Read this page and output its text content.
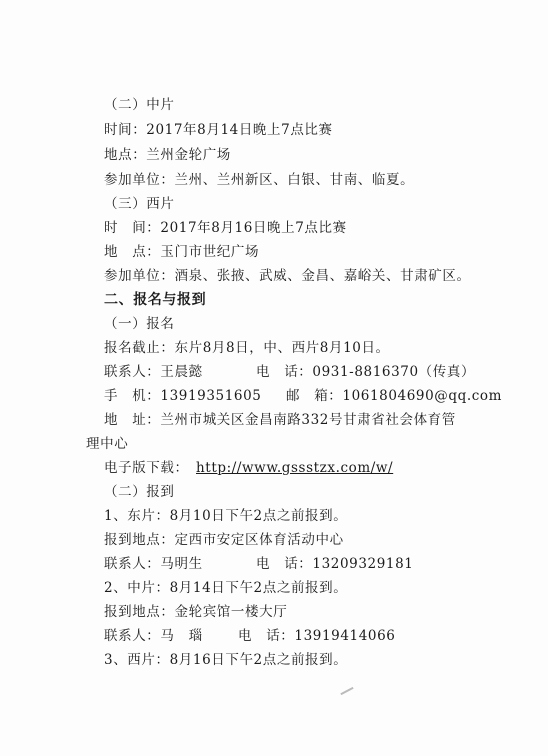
（二）中片
时间：2017年8月14日晚上7点比赛
地点：兰州金轮广场
参加单位：兰州、兰州新区、白银、甘南、临夏。
（三）西片
时　间：2017年8月16日晚上7点比赛
地　点：玉门市世纪广场
参加单位：酒泉、张掖、武威、金昌、嘉峪关、甘肃矿区。
二、报名与报到
（一）报名
报名截止：东片8月8日，中、西片8月10日。
联系人：王晨懿	电　话：0931-8816370（传真）
手　机：13919351605 邮　箱：1061804690@qq.com
地　址：兰州市城关区金昌南路332号甘肃省社会体育管
理中心
电子版下载： http://www.gssstzx.com/w/
（二）报到
1、东片：8月10日下午2点之前报到。
报到地点：定西市安定区体育活动中心
联系人：马明生	电　话：13209329181
2、中片：8月14日下午2点之前报到。
报到地点：金轮宾馆一楼大厅
联系人：马　瑙	电　话：13919414066
3、西片：8月16日下午2点之前报到。
